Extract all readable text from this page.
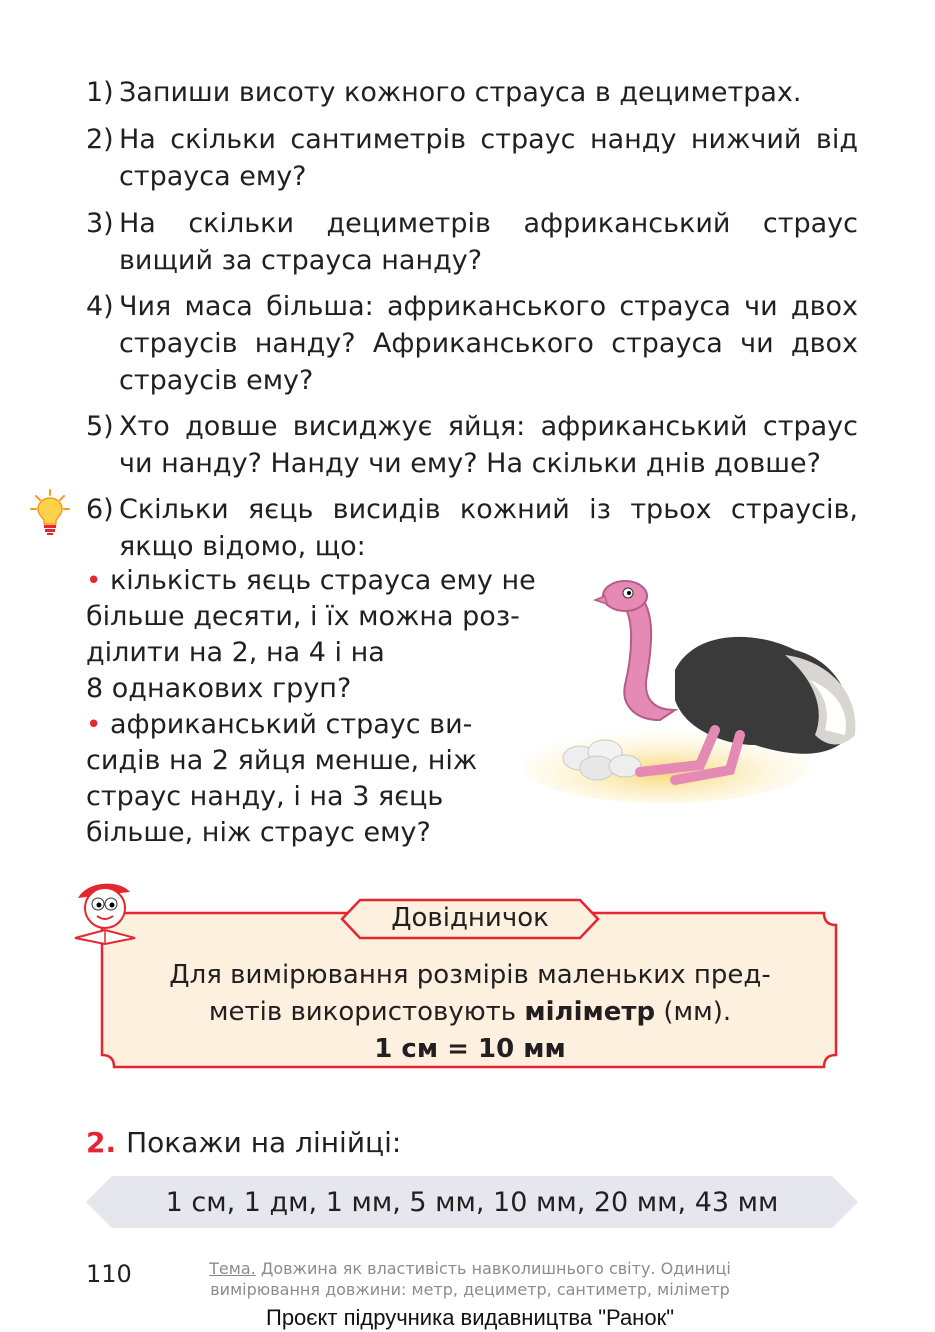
1) Запиши висоту кожного страуса в дециметрах.
2) На скільки сантиметрів страус нанду нижчий від страуса ему?
3) На скільки дециметрів африканський страус вищий за страуса нанду?
4) Чия маса більша: африканського страуса чи двох страусів нанду? Африканського страуса чи двох страусів ему?
5) Хто довше висиджує яйця: африканський страус чи нанду? Нанду чи ему? На скільки днів довше?
6) Скільки яєць висидів кожний із трьох страусів, якщо відомо, що:
• кількість яєць страуса ему не
більше десяти, і їх можна роз-
ділити на 2, на 4 і на
8 однакових груп?
• африканський страус ви-
сидів на 2 яйця менше, ніж
страус нанду, і на 3 яєць
більше, ніж страус ему?
Довідничок
Для вимірювання розмірів маленьких пред-
метів використовують міліметр (мм).
1 см = 10 мм
2. Покажи на лінійці:
1 см, 1 дм, 1 мм, 5 мм, 10 мм, 20 мм, 43 мм
110	Тема. Довжина як властивість навколишнього світу. Одиниці
вимірювання довжини: метр, дециметр, сантиметр, міліметр
Проєкт підручника видавництва "Ранок"
